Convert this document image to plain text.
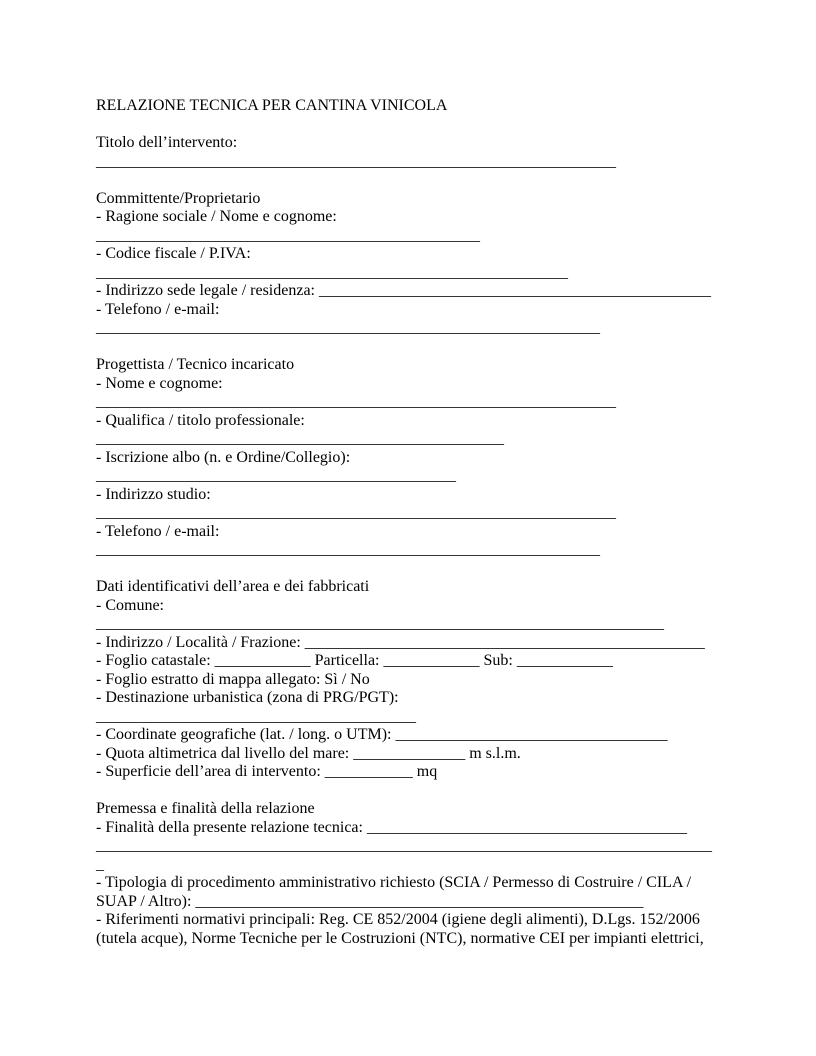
RELAZIONE TECNICA PER CANTINA VINICOLA
Titolo dell’intervento:
_________________________________________________________________
Committente/Proprietario
- Ragione sociale / Nome e cognome:
________________________________________________
- Codice fiscale / P.IVA:
___________________________________________________________
- Indirizzo sede legale / residenza: _________________________________________________
- Telefono / e-mail:
_______________________________________________________________
Progettista / Tecnico incaricato
- Nome e cognome:
_________________________________________________________________
- Qualifica / titolo professionale:
___________________________________________________
- Iscrizione albo (n. e Ordine/Collegio):
_____________________________________________
- Indirizzo studio:
_________________________________________________________________
- Telefono / e-mail:
_______________________________________________________________
Dati identificativi dell’area e dei fabbricati
- Comune:
_______________________________________________________________________
- Indirizzo / Località / Frazione: __________________________________________________
- Foglio catastale: ____________ Particella: ____________ Sub: ____________
- Foglio estratto di mappa allegato: Sì / No
- Destinazione urbanistica (zona di PRG/PGT):
________________________________________
- Coordinate geografiche (lat. / long. o UTM): __________________________________
- Quota altimetrica dal livello del mare: ______________ m s.l.m.
- Superficie dell’area di intervento: ___________ mq
Premessa e finalità della relazione
- Finalità della presente relazione tecnica: ________________________________________
_____________________________________________________________________________
_
- Tipologia di procedimento amministrativo richiesto (SCIA / Permesso di Costruire / CILA /
SUAP / Altro): ________________________________________________________
- Riferimenti normativi principali: Reg. CE 852/2004 (igiene degli alimenti), D.Lgs. 152/2006
(tutela acque), Norme Tecniche per le Costruzioni (NTC), normative CEI per impianti elettrici,
